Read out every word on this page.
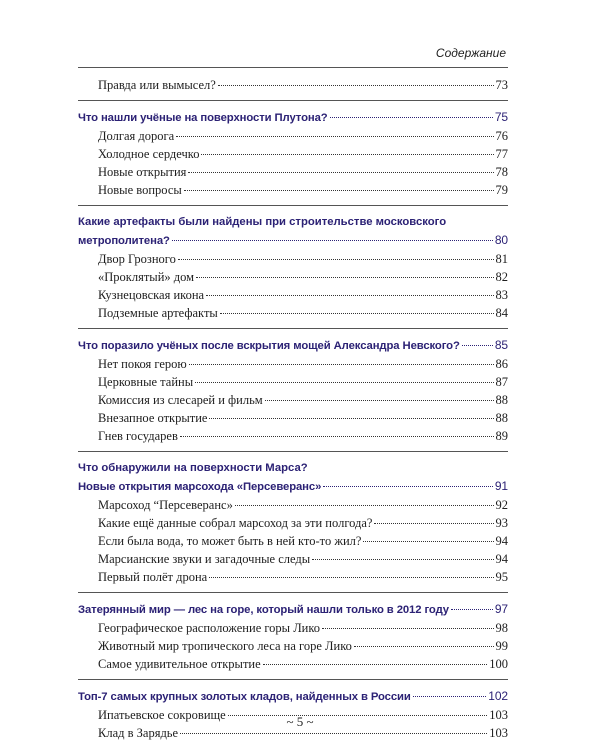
Содержание
Правда или вымысел?	73
Что нашли учёные на поверхности Плутона?	75
Долгая дорога	76
Холодное сердечко	77
Новые открытия	78
Новые вопросы	79
Какие артефакты были найдены при строительстве московского
метрополитена?	80
Двор Грозного	81
«Проклятый» дом	82
Кузнецовская икона	83
Подземные артефакты	84
Что поразило учёных после вскрытия мощей Александра Невского?	85
Нет покоя герою	86
Церковные тайны	87
Комиссия из слесарей и фильм	88
Внезапное открытие	88
Гнев государев	89
Что обнаружили на поверхности Марса?
Новые открытия марсохода «Персеверанс»	91
Марсоход “Персеверанс»	92
Какие ещё данные собрал марсоход за эти полгода?	93
Если была вода, то может быть в ней кто-то жил?	94
Марсианские звуки и загадочные следы	94
Первый полёт дрона	95
Затерянный мир — лес на горе, который нашли только в 2012 году	97
Географическое расположение горы Лико	98
Животный мир тропического леса на горе Лико	99
Самое удивительное открытие	100
Топ-7 самых крупных золотых кладов, найденных в России	102
Ипатьевское сокровище	103
Клад в Зарядье	103
~ 5 ~
